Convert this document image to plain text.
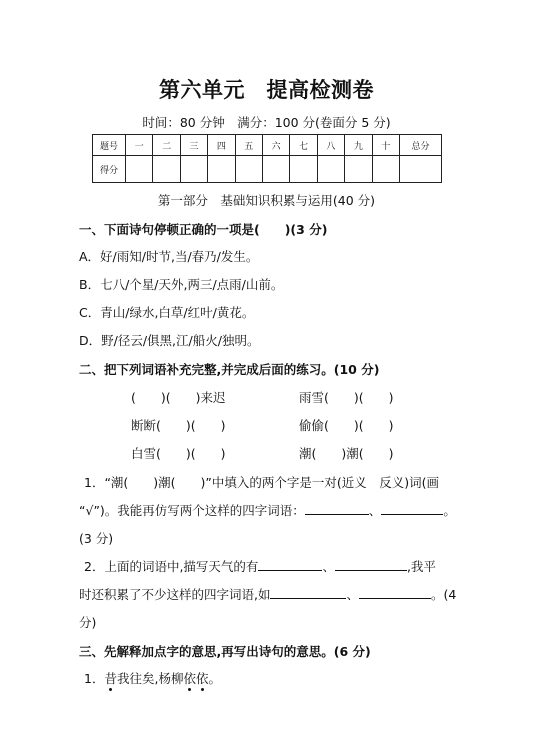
第六单元　提高检测卷
时间：80 分钟　满分：100 分(卷面分 5 分)
题号	一	二	三	四	五	六	七	八	九	十	总分
得分											
第一部分　基础知识积累与运用(40 分)
一、下面诗句停顿正确的一项是(　　)(3 分)
A．好/雨知/时节,当/春乃/发生。
B．七八/个星/天外,两三/点雨/山前。
C．青山/绿水,白草/红叶/黄花。
D．野/径云/俱黑,江/船火/独明。
二、把下列词语补充完整,并完成后面的练习。(10 分)
(　　)(　　)来迟	雨雪(　　)(　　)
断断(　　)(　　)	偷偷(　　)(　　)
白雪(　　)(　　)	潮(　　)潮(　　)
1．“潮(　　)潮(　　)”中填入的两个字是一对(近义　反义)词(画
“√”)。我能再仿写两个这样的四字词语：	、	。
(3 分)
2．上面的词语中,描写天气的有	、	,我平
时还积累了不少这样的四字词语,如	、	。(4
分)
三、先解释加点字的意思,再写出诗句的意思。(6 分)
1．昔我往矣,杨柳依依。
